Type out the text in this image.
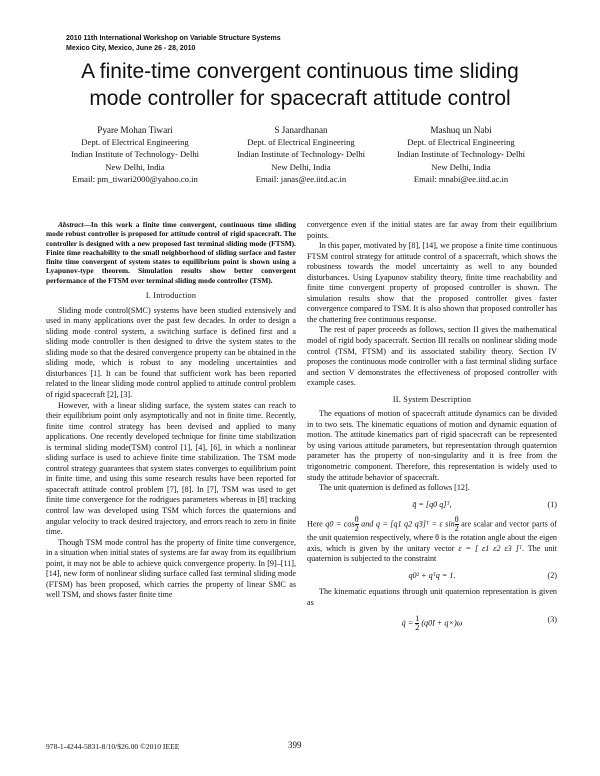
2010 11th International Workshop on Variable Structure Systems
Mexico City, Mexico, June 26 - 28, 2010
A finite-time convergent continuous time sliding
mode controller for spacecraft attitude control
Pyare Mohan Tiwari
Dept. of Electrical Engineering
Indian Institute of Technology- Delhi
New Delhi, India
Email: pm_tiwari2000@yahoo.co.in
S Janardhanan
Dept. of Electrical Engineering
Indian Institute of Technology- Delhi
New Delhi, India
Email: janas@ee.iitd.ac.in
Mashuq un Nabi
Dept. of Electrical Engineering
Indian Institute of Technology- Delhi
New Delhi, India
Email: mnabi@ee.iitd.ac.in

Abstract—In this work a finite time convergent, continuous time sliding mode robust controller is proposed for attitude control of rigid spacecraft. The controller is designed with a new proposed fast terminal sliding mode (FTSM). Finite time reachability to the small neighborhood of sliding surface and faster finite time convergent of system states to equilibrium point is shown using a Lyapunov-type theorem. Simulation results show better convergent performance of the FTSM over terminal sliding mode controller (TSM).

I. Introduction

Sliding mode control(SMC) systems have been studied extensively and used in many applications over the past few decades. In order to design a sliding mode control system, a switching surface is defined first and a sliding mode controller is then designed to drive the system states to the sliding mode so that the desired convergence property can be obtained in the sliding mode, which is robust to any modeling uncertainties and disturbances [1]. It can be found that sufficient work has been reported related to the linear sliding mode control applied to attitude control problem of rigid spacecraft [2], [3].

However, with a linear sliding surface, the system states can reach to their equilibrium point only asymptotically and not in finite time. Recently, finite time control strategy has been devised and applied to many applications. One recently developed technique for finite time stabilization is terminal sliding mode(TSM) control [1], [4], [6], in which a nonlinear sliding surface is used to achieve finite time stabilization. The TSM mode control strategy guarantees that system states converges to equilibrium point in finite time, and using this some research results have been reported for spacecraft attitude control problem [7], [8]. In [7], TSM was used to get finite time convergence for the rodrigues parameters whereas in [8] tracking control law was developed using TSM which forces the quaternions and angular velocity to track desired trajectory, and errors reach to zero in finite time.

Though TSM mode control has the property of finite time convergence, in a situation when initial states of systems are far away from its equilibrium point, it may not be able to achieve quick convergence property. In [9]–[11], [14], new form of nonlinear sliding surface called fast terminal sliding mode (FTSM) has been proposed, which carries the property of linear SMC as well TSM, and shows faster finite time

convergence even if the initial states are far away from their equilibrium points.

In this paper, motivated by [8], [14], we propose a finite time continuous FTSM control strategy for attitude control of a spacecraft, which shows the robustness towards the model uncertainty as well to any bounded disturbances. Using Lyapunov stability theory, finite time reachability and finite time convergent property of proposed controller is shown. The simulation results show that the proposed controller gives faster convergence compared to TSM. It is also shown that proposed controller has the chattering free continuous response.

The rest of paper proceeds as follows, section II gives the mathematical model of rigid body spacecraft. Section III recalls on nonlinear sliding mode control (TSM, FTSM) and its associated stability theory. Section IV proposes the continuous mode controller with a fast terminal sliding surface and section V demonstrates the effectiveness of proposed controller with example cases.

II. System Description

The equations of motion of spacecraft attitude dynamics can be divided in to two sets. The kinematic equations of motion and dynamic equation of motion. The attitude kinematics part of rigid spacecraft can be represented by using various attitude parameters, but representation through quaternion parameter has the property of non-singularity and it is free from the trigonometric component. Therefore, this representation is widely used to study the attitude behavior of spacecraft.

The unit quaternion is defined as follows [12].

q̄ = [q0 q]ᵀ,	(1)

Here $q0 = \cos \frac{\theta}{2}$ and q = [q1 q2 q3]ᵀ = ε $\sin \frac{\theta}{2}$ are scalar and vector parts of the unit quaternion respectively, where θ is the rotation angle about the eigen axis, which is given by the unitary vector ε = [ ε1 ε2 ε3 ]ᵀ. The unit quaternion is subjected to the constraint

q0² + qᵀq = 1.	(2)

The kinematic equations through unit quaternion representation is given as

q̇ = $\frac{1}{2} (q0I + q\times)\omega$	(3)
978-1-4244-5831-8/10/$26.00 ©2010 IEEE	399
